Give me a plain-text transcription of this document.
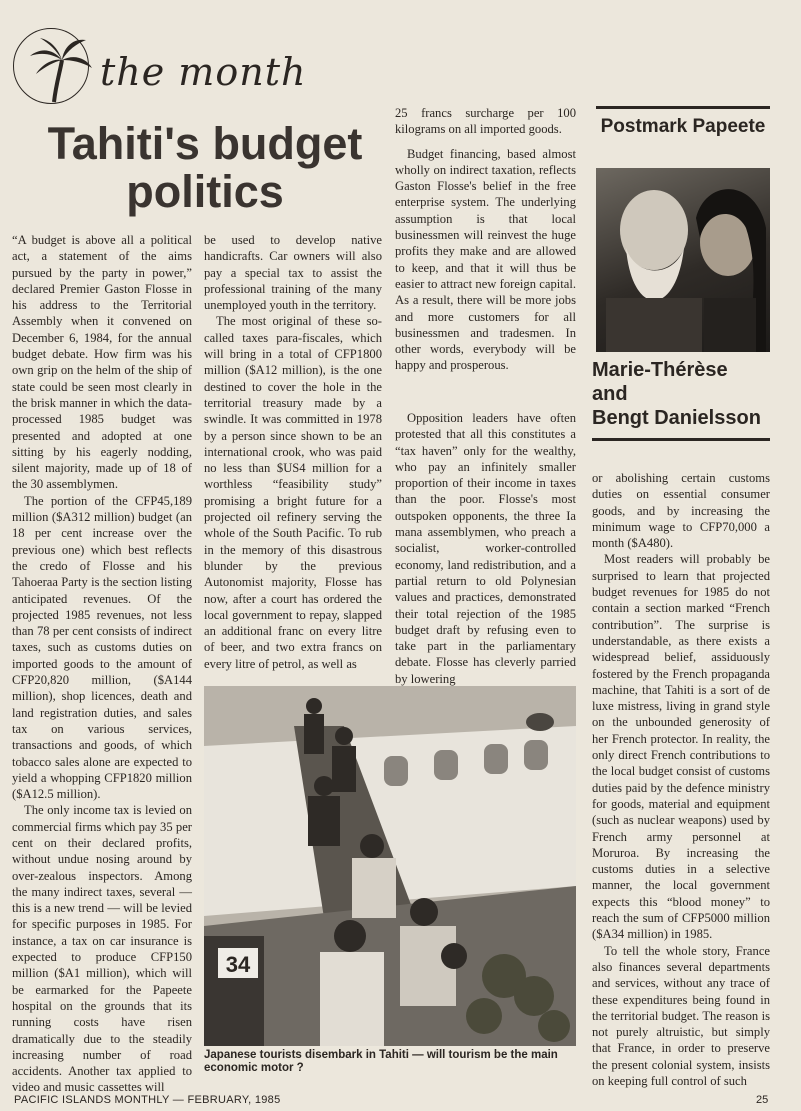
the month
Tahiti's budget politics

“A budget is above all a political act, a statement of the aims pursued by the party in power,” declared Premier Gaston Flosse in his address to the Territorial Assembly when it convened on December 6, 1984, for the annual budget debate. How firm was his own grip on the helm of the ship of state could be seen most clearly in the brisk manner in which the data-processed 1985 budget was presented and adopted at one sitting by his eagerly nodding, silent majority, made up of 18 of the 30 assemblymen.

The portion of the CFP45,189 million ($A312 million) budget (an 18 per cent increase over the previous one) which best reflects the credo of Flosse and his Tahoeraa Party is the section listing anticipated revenues. Of the projected 1985 revenues, not less than 78 per cent consists of indirect taxes, such as customs duties on imported goods to the amount of CFP20,820 million, ($A144 million), shop licences, death and land registration duties, and sales tax on various services, transactions and goods, of which tobacco sales alone are expected to yield a whopping CFP1820 million ($A12.5 million).

The only income tax is levied on commercial firms which pay 35 per cent on their declared profits, without undue nosing around by over-zealous inspectors. Among the many indirect taxes, several — this is a new trend — will be levied for specific purposes in 1985. For instance, a tax on car insurance is expected to produce CFP150 million ($A1 million), which will be earmarked for the Papeete hospital on the grounds that its running costs have risen dramatically due to the steadily increasing number of road accidents. Another tax applied to video and music cassettes will

be used to develop native handicrafts. Car owners will also pay a special tax to assist the professional training of the many unemployed youth in the territory.

The most original of these so-called taxes para-fiscales, which will bring in a total of CFP1800 million ($A12 million), is the one destined to cover the hole in the territorial treasury made by a swindle. It was committed in 1978 by a person since shown to be an international crook, who was paid no less than $US4 million for a worthless “feasibility study” promising a bright future for a projected oil refinery serving the whole of the South Pacific. To rub in the memory of this disastrous blunder by the previous Autonomist majority, Flosse has now, after a court has ordered the local government to repay, slapped an additional franc on every litre of beer, and two extra francs on every litre of petrol, as well as

25 francs surcharge per 100 kilograms on all imported goods.

Budget financing, based almost wholly on indirect taxation, reflects Gaston Flosse's belief in the free enterprise system. The underlying assumption is that local businessmen will reinvest the huge profits they make and are allowed to keep, and that it will thus be easier to attract new foreign capital. As a result, there will be more jobs and more customers for all businessmen and tradesmen. In other words, everybody will be happy and prosperous.

Opposition leaders have often protested that all this constitutes a “tax haven” only for the wealthy, who pay an infinitely smaller proportion of their income in taxes than the poor. Flosse's most outspoken opponents, the three Ia mana assemblymen, who preach a socialist, worker-controlled economy, land redistribution, and a partial return to old Polynesian values and practices, demonstrated their total rejection of the 1985 budget draft by refusing even to take part in the parliamentary debate. Flosse has cleverly parried by lowering

Postmark Papeete
Marie-Thérèse
and
Bengt Danielsson

or abolishing certain customs duties on essential consumer goods, and by increasing the minimum wage to CFP70,000 a month ($A480).

Most readers will probably be surprised to learn that projected budget revenues for 1985 do not contain a section marked “French contribution”. The surprise is understandable, as there exists a widespread belief, assiduously fostered by the French propaganda machine, that Tahiti is a sort of de luxe mistress, living in grand style on the unbounded generosity of her French protector. In reality, the only direct French contributions to the local budget consist of customs duties paid by the defence ministry for goods, material and equipment (such as nuclear weapons) used by French army personnel at Moruroa. By increasing the customs duties in a selective manner, the local government expects this “blood money” to reach the sum of CFP5000 million ($A34 million) in 1985.

To tell the whole story, France also finances several departments and services, without any trace of these expenditures being found in the territorial budget. The reason is not purely altruistic, but simply that France, in order to preserve the present colonial system, insists on keeping full control of such

34
Japanese tourists disembark in Tahiti — will tourism be the main economic motor ?
PACIFIC ISLANDS MONTHLY — FEBRUARY, 1985	25
